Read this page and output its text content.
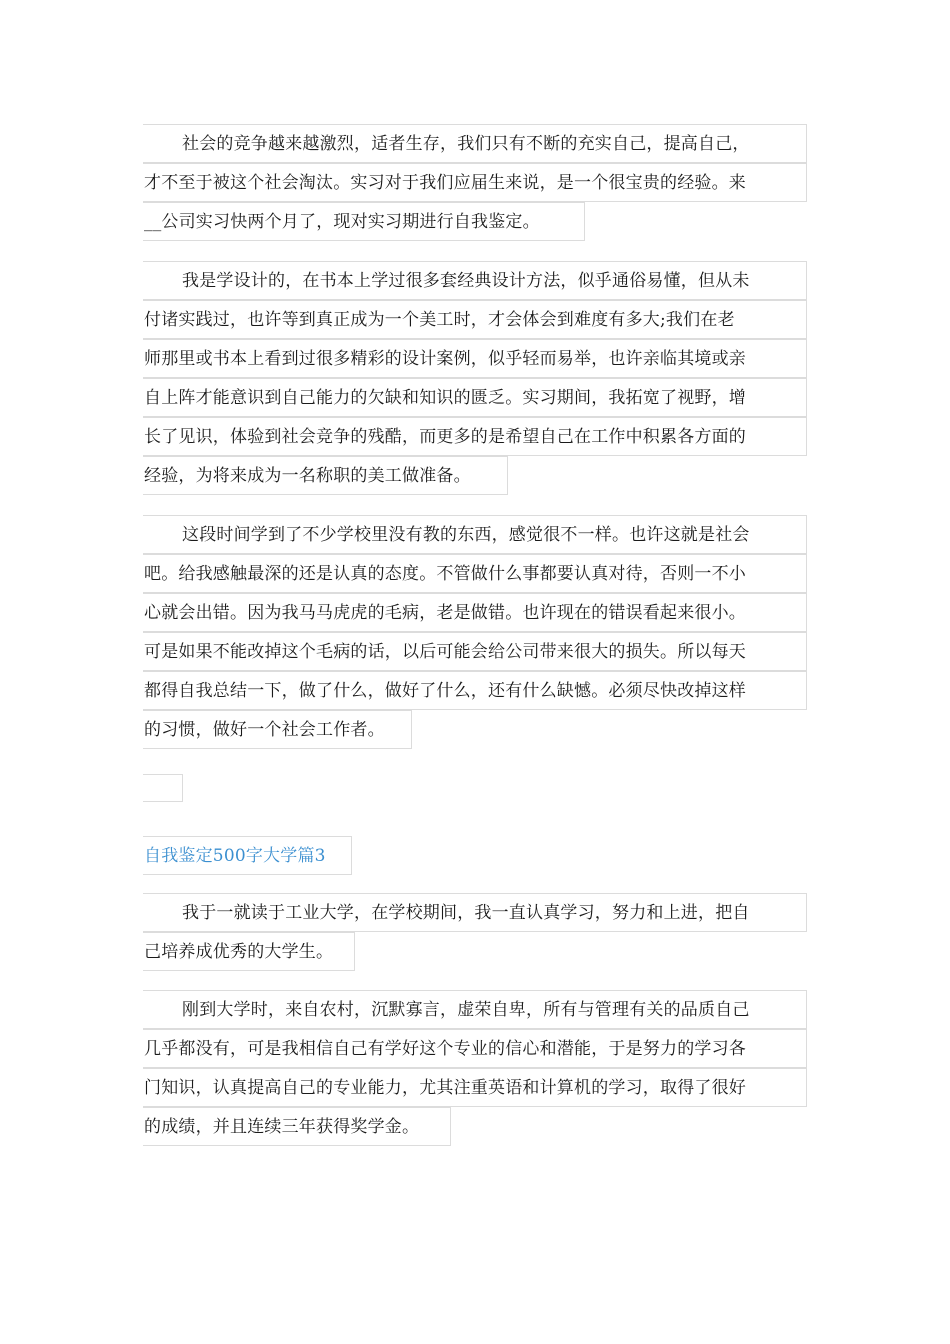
社会的竞争越来越激烈，适者生存，我们只有不断的充实自己，提高自己，
才不至于被这个社会淘汰。实习对于我们应届生来说，是一个很宝贵的经验。来
__公司实习快两个月了，现对实习期进行自我鉴定。
我是学设计的，在书本上学过很多套经典设计方法，似乎通俗易懂，但从未
付诸实践过，也许等到真正成为一个美工时，才会体会到难度有多大;我们在老
师那里或书本上看到过很多精彩的设计案例，似乎轻而易举，也许亲临其境或亲
自上阵才能意识到自己能力的欠缺和知识的匮乏。实习期间，我拓宽了视野，增
长了见识，体验到社会竞争的残酷，而更多的是希望自己在工作中积累各方面的
经验，为将来成为一名称职的美工做准备。
这段时间学到了不少学校里没有教的东西，感觉很不一样。也许这就是社会
吧。给我感触最深的还是认真的态度。不管做什么事都要认真对待，否则一不小
心就会出错。因为我马马虎虎的毛病，老是做错。也许现在的错误看起来很小。
可是如果不能改掉这个毛病的话，以后可能会给公司带来很大的损失。所以每天
都得自我总结一下，做了什么，做好了什么，还有什么缺憾。必须尽快改掉这样
的习惯，做好一个社会工作者。
自我鉴定500字大学篇3
我于一就读于工业大学，在学校期间，我一直认真学习，努力和上进，把自
己培养成优秀的大学生。
刚到大学时，来自农村，沉默寡言，虚荣自卑，所有与管理有关的品质自己
几乎都没有，可是我相信自己有学好这个专业的信心和潜能，于是努力的学习各
门知识，认真提高自己的专业能力，尤其注重英语和计算机的学习，取得了很好
的成绩，并且连续三年获得奖学金。
